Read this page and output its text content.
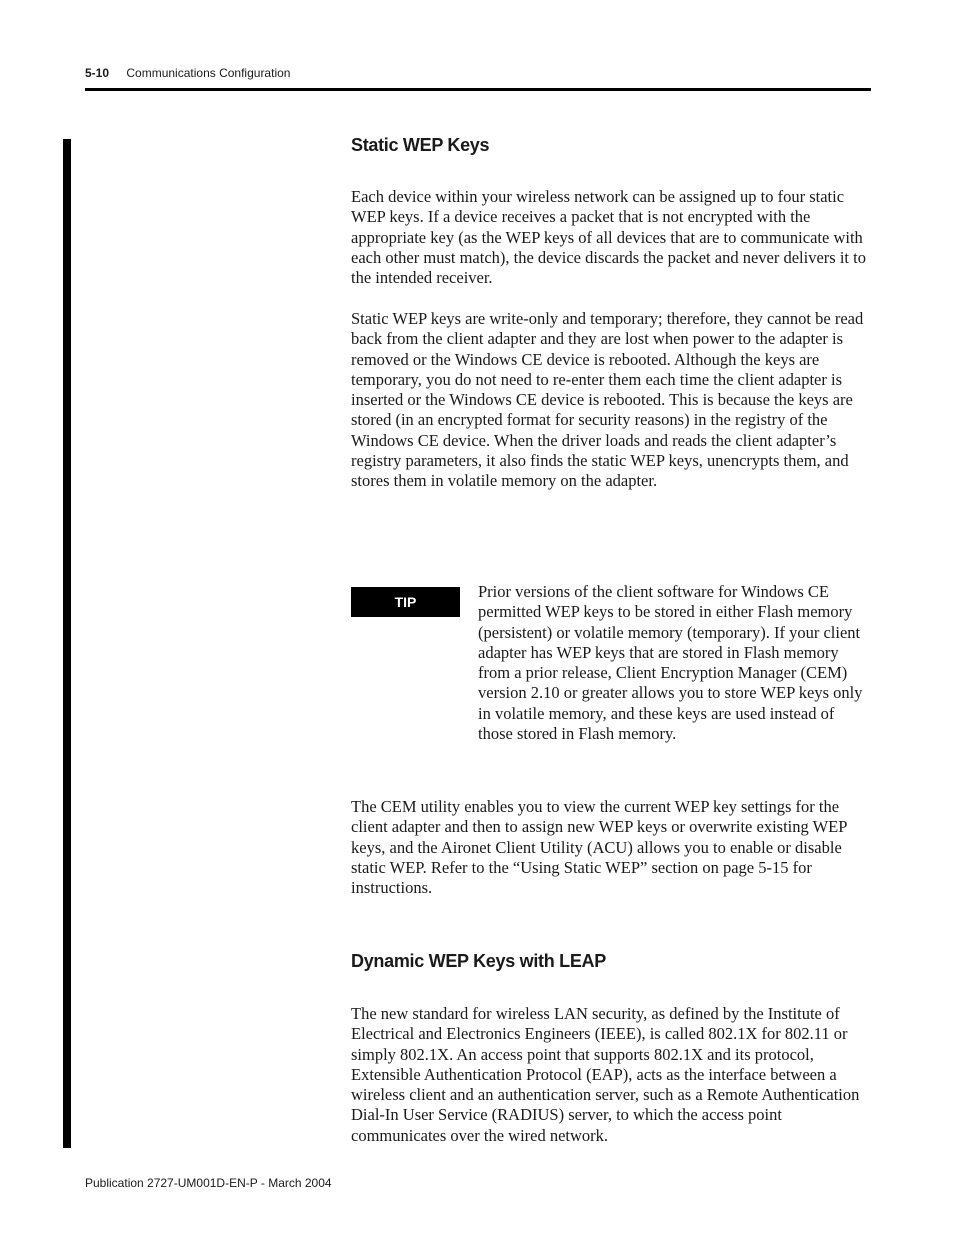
5-10 Communications Configuration
Static WEP Keys

Each device within your wireless network can be assigned up to four static WEP keys. If a device receives a packet that is not encrypted with the appropriate key (as the WEP keys of all devices that are to communicate with each other must match), the device discards the packet and never delivers it to the intended receiver.

Static WEP keys are write-only and temporary; therefore, they cannot be read back from the client adapter and they are lost when power to the adapter is removed or the Windows CE device is rebooted. Although the keys are temporary, you do not need to re-enter them each time the client adapter is inserted or the Windows CE device is rebooted. This is because the keys are stored (in an encrypted format for security reasons) in the registry of the Windows CE device. When the driver loads and reads the client adapter’s registry parameters, it also finds the static WEP keys, unencrypts them, and stores them in volatile memory on the adapter.

TIP

Prior versions of the client software for Windows CE permitted WEP keys to be stored in either Flash memory (persistent) or volatile memory (temporary). If your client adapter has WEP keys that are stored in Flash memory from a prior release, Client Encryption Manager (CEM) version 2.10 or greater allows you to store WEP keys only in volatile memory, and these keys are used instead of those stored in Flash memory.

The CEM utility enables you to view the current WEP key settings for the client adapter and then to assign new WEP keys or overwrite existing WEP keys, and the Aironet Client Utility (ACU) allows you to enable or disable static WEP. Refer to the “Using Static WEP” section on page 5-15 for instructions.

Dynamic WEP Keys with LEAP

The new standard for wireless LAN security, as defined by the Institute of Electrical and Electronics Engineers (IEEE), is called 802.1X for 802.11 or simply 802.1X. An access point that supports 802.1X and its protocol, Extensible Authentication Protocol (EAP), acts as the interface between a wireless client and an authentication server, such as a Remote Authentication Dial-In User Service (RADIUS) server, to which the access point communicates over the wired network.

Publication 2727-UM001D-EN-P - March 2004
